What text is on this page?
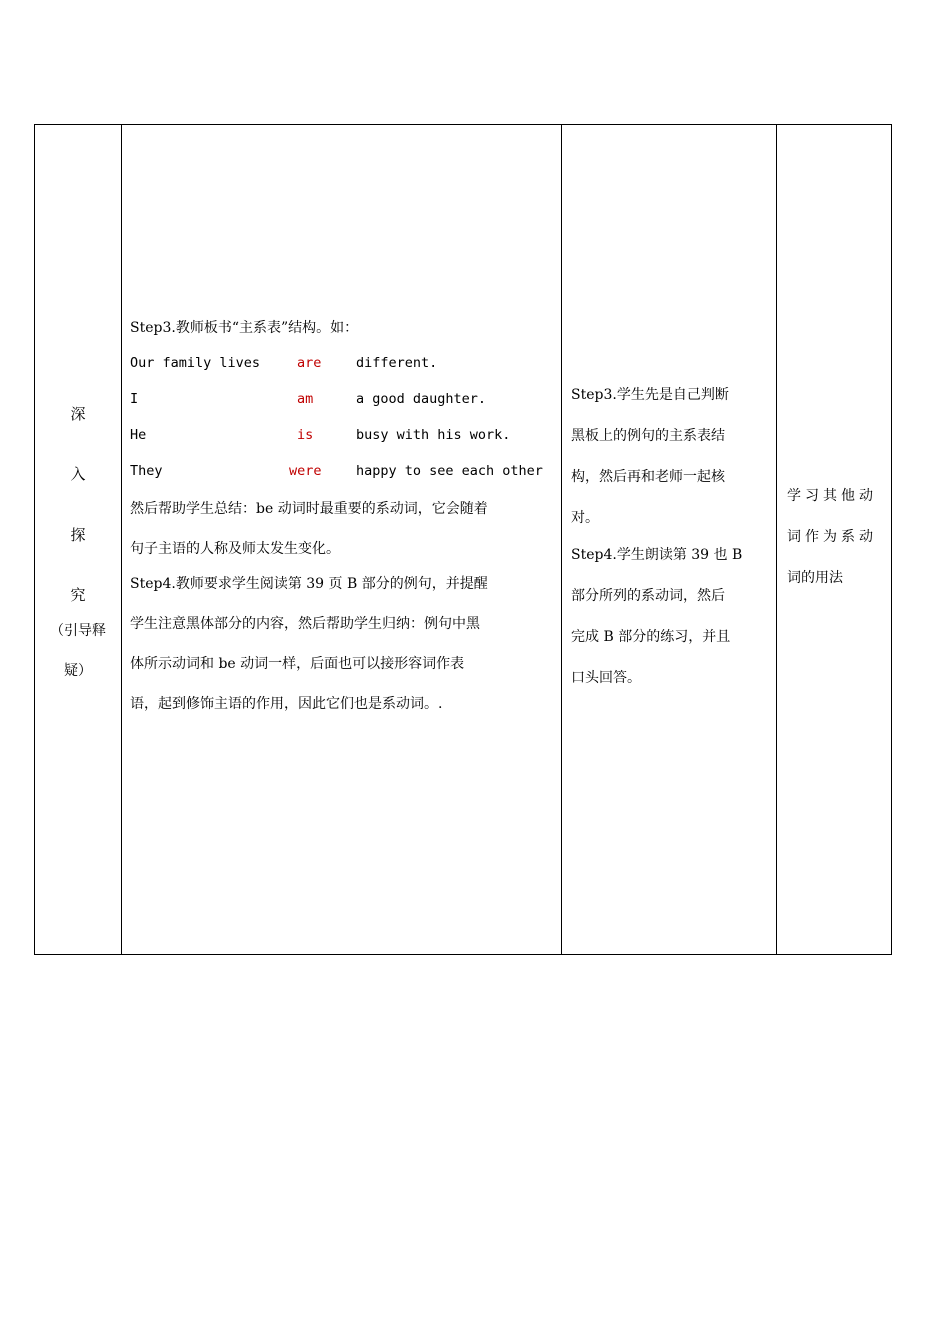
深
入
探
究
（引导释
疑）
Step3.教师板书“主系表”结构。如：
Our family lives	are	different.
I	am	a good daughter.
He	is	busy with his work.
They	were	happy to see each other
然后帮助学生总结：be 动词时最重要的系动词，它会随着
句子主语的人称及师太发生变化。
Step4.教师要求学生阅读第 39 页 B 部分的例句，并提醒
学生注意黑体部分的内容，然后帮助学生归纳：例句中黑
体所示动词和 be 动词一样，后面也可以接形容词作表
语，起到修饰主语的作用，因此它们也是系动词。.
Step3.学生先是自己判断
黑板上的例句的主系表结
构，然后再和老师一起核
对。
Step4.学生朗读第 39 也 B
部分所列的系动词，然后
完成 B 部分的练习，并且
口头回答。
学习其他动
词作为系动
词的用法
